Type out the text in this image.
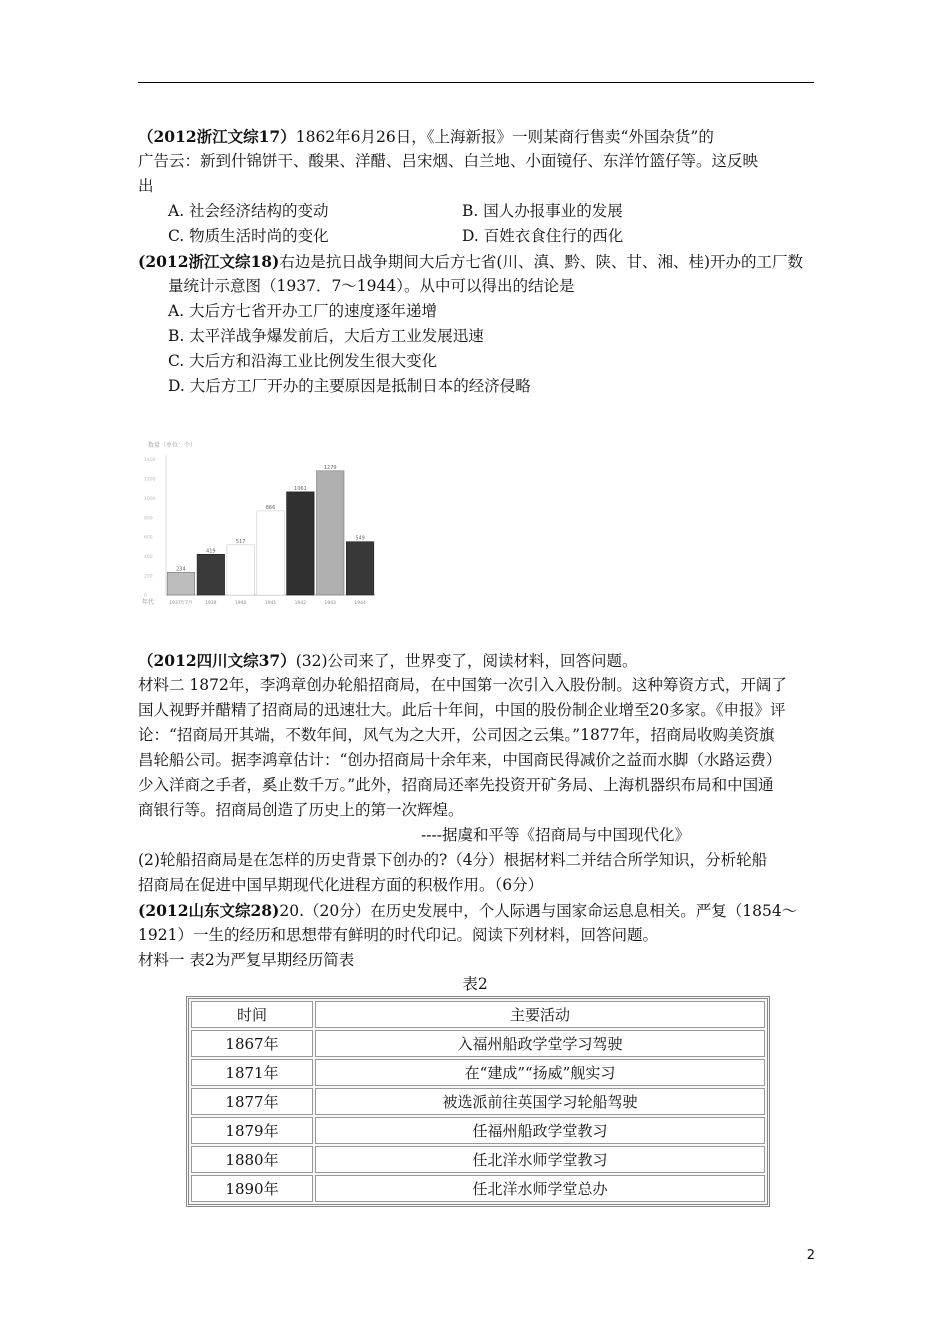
（2012浙江文综17）1862年6月26日，《上海新报》一则某商行售卖“外国杂货”的
广告云：新到什锦饼干、酸果、洋醋、吕宋烟、白兰地、小面镜仔、东洋竹篮仔等。这反映
出
A. 社会经济结构的变动	B. 国人办报事业的发展
C. 物质生活时尚的变化	D. 百姓衣食住行的西化
(2012浙江文综18)右边是抗日战争期间大后方七省(川、滇、黔、陕、甘、湘、桂)开办的工厂数
量统计示意图（1937．7～1944）。从中可以得出的结论是
A. 大后方七省开办工厂的速度逐年递增
B. 太平洋战争爆发前后，大后方工业发展迅速
C. 大后方和沿海工业比例发生很大变化
D. 大后方工厂开办的主要原因是抵制日本的经济侵略
数量（单位：个）
年代
0
200
400
600
800
1000
1200
1400
234
1937年7月
419
1939
517
1940
866
1941
1061
1942
1279
1943
549
1944
（2012四川文综37）(32)公司来了，世界变了，阅读材料，回答问题。
材料二 1872年，李鸿章创办轮船招商局，在中国第一次引入入股份制。这种筹资方式，开阔了
国人视野并醋精了招商局的迅速壮大。此后十年间，中国的股份制企业增至20多家。《申报》评
论：“招商局开其端，不数年间，风气为之大开，公司因之云集。”1877年，招商局收购美资旗
昌轮船公司。据李鸿章估计：“创办招商局十余年来，中国商民得减价之益而水脚（水路运费）
少入洋商之手者，奚止数千万。”此外，招商局还率先投资开矿务局、上海机器织布局和中国通
商银行等。招商局创造了历史上的第一次辉煌。
----据虞和平等《招商局与中国现代化》
(2)轮船招商局是在怎样的历史背景下创办的?（4分）根据材料二并结合所学知识，分析轮船
招商局在促进中国早期现代化进程方面的积极作用。（6分）
(2012山东文综28)20.（20分）在历史发展中，个人际遇与国家命运息息相关。严复（1854～
1921）一生的经历和思想带有鲜明的时代印记。阅读下列材料，回答问题。
材料一 表2为严复早期经历简表
表2
时间	主要活动
1867年	入福州船政学堂学习驾驶
1871年	在“建成”“扬威”舰实习
1877年	被选派前往英国学习轮船驾驶
1879年	任福州船政学堂教习
1880年	任北洋水师学堂教习
1890年	任北洋水师学堂总办
2
